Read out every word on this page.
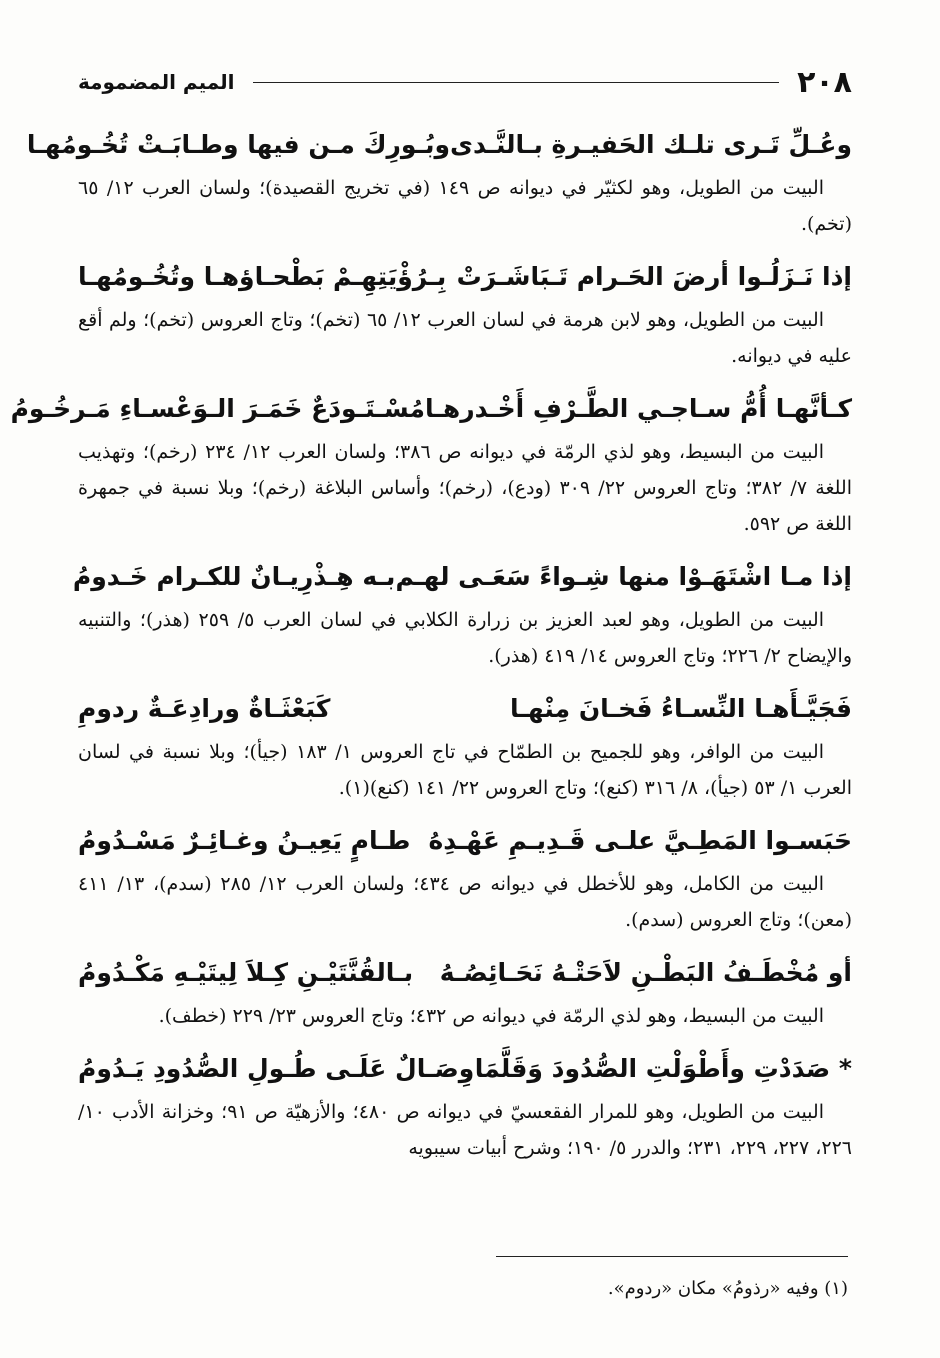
٢٠٨
الميم المضمومة
وعُـلِّ تَـرى تلـك الحَفيـرةِ بـالنَّـدى
وبُـورِكَ مـن فيها وطـابَـتْ تُخُـومُهـا
البيت من الطويل، وهو لكثيّر في ديوانه ص ١٤٩ (في تخريج القصيدة)؛ ولسان العرب ١٢/ ٦٥ (تخم).
إذا نَـزَلُـوا أرضَ الحَـرام تَـبَاشَـرَتْ
بِـرُؤْيَتِهِـمْ بَطْحـاؤهـا وتُخُـومُهـا
البيت من الطويل، وهو لابن هرمة في لسان العرب ١٢/ ٦٥ (تخم)؛ وتاج العروس (تخم)؛ ولم أقع عليه في ديوانه.
كـأنَّهـا أُمُّ سـاجـي الطَّـرْفِ أَخْـدرهـا
مُسْـتَـودَعٌ خَمَـرَ الـوَعْسـاءِ مَـرخُـومُ
البيت من البسيط، وهو لذي الرمّة في ديوانه ص ٣٨٦؛ ولسان العرب ١٢/ ٢٣٤ (رخم)؛ وتهذيب اللغة ٧/ ٣٨٢؛ وتاج العروس ٢٢/ ٣٠٩ (ودع)، (رخم)؛ وأساس البلاغة (رخم)؛ وبلا نسبة في جمهرة اللغة ص ٥٩٢.
إذا مـا اشْتَهَـوْا منها شِـواءً سَعَـى لهـم
بـه هِـذْرِيـانٌ للكـرام خَـدومُ
البيت من الطويل، وهو لعبد العزيز بن زرارة الكلابي في لسان العرب ٥/ ٢٥٩ (هذر)؛ والتنبيه والإيضاح ٢/ ٢٢٦؛ وتاج العروس ١٤/ ٤١٩ (هذر).
فَجَيَّـأَهـا النِّسـاءُ فَخـانَ مِنْهـا
كَبَعْثَـاةٌ ورادِعَـةٌ ردومِ
البيت من الوافر، وهو للجميح بن الطمّاح في تاج العروس ١/ ١٨٣ (جيأ)؛ وبلا نسبة في لسان العرب ١/ ٥٣ (جيأ)، ٨/ ٣١٦ (كنع)؛ وتاج العروس ٢٢/ ١٤١ (كنع)(١).
حَبَسـوا المَطِـيَّ علـى قَـدِيـمِ عَهْـدِهُ
طـامٍ يَعِيـنُ وغـائِـرٌ مَسْـدُومُ
البيت من الكامل، وهو للأخطل في ديوانه ص ٤٣٤؛ ولسان العرب ١٢/ ٢٨٥ (سدم)، ١٣/ ٤١١ (معن)؛ وتاج العروس (سدم).
أو مُخْطَـفُ البَطْـنِ لاَحَتْـهُ نَحَـائِصُـهُ
بـالقُنَّتَيْـنِ كِـلاَ لِيتَيْـهِ مَكْـدُومُ
البيت من البسيط، وهو لذي الرمّة في ديوانه ص ٤٣٢؛ وتاج العروس ٢٣/ ٢٢٩ (خطف).
* صَدَدْتِ وأَطْوَلْتِ الصُّدُودَ وَقَلَّمَا
وِصَـالٌ عَلَـى طُـولِ الصُّدُودِ يَـدُومُ
البيت من الطويل، وهو للمرار الفقعسيّ في ديوانه ص ٤٨٠؛ والأزهيّة ص ٩١؛ وخزانة الأدب ١٠/ ٢٢٦، ٢٢٧، ٢٢٩، ٢٣١؛ والدرر ٥/ ١٩٠؛ وشرح أبيات سيبويه
(١) وفيه «رذومُ» مكان «ردوم».
